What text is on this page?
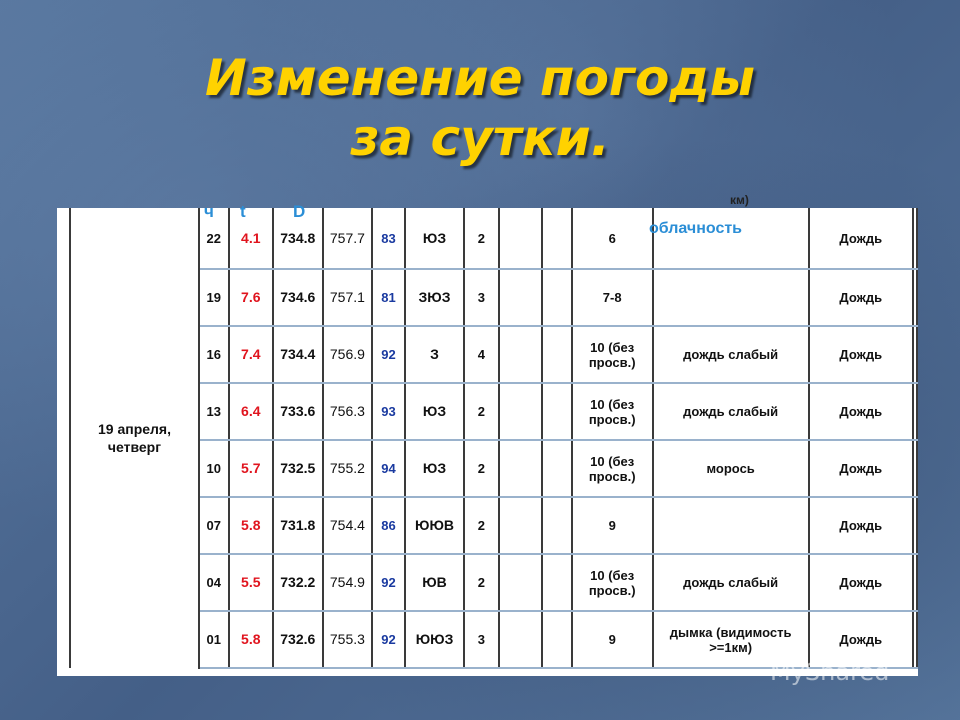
Изменение погоды
за сутки.
19 апреля, четверг	22	4.1	734.8	757.7	83	ЮЗ	2			6		Дождь	
	19	7.6	734.6	757.1	81	ЗЮЗ	3			7-8		Дождь	
	16	7.4	734.4	756.9	92	З	4			10 (без просв.)	дождь слабый	Дождь	
	13	6.4	733.6	756.3	93	ЮЗ	2			10 (без просв.)	дождь слабый	Дождь	
	10	5.7	732.5	755.2	94	ЮЗ	2			10 (без просв.)	морось	Дождь	
	07	5.8	731.8	754.4	86	ЮЮВ	2			9		Дождь	
	04	5.5	732.2	754.9	92	ЮВ	2			10 (без просв.)	дождь слабый	Дождь	
	01	5.8	732.6	755.3	92	ЮЮЗ	3			9	дымка (видимость >=1км)	Дождь	
км)
ч t	D
облачность
MyShared
